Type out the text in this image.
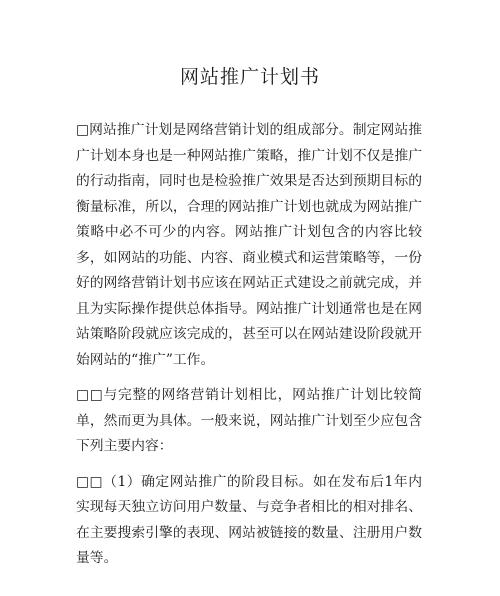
网站推广计划书

□网站推广计划是网络营销计划的组成部分。制定网站推广计划本身也是一种网站推广策略，推广计划不仅是推广的行动指南，同时也是检验推广效果是否达到预期目标的衡量标准，所以，合理的网站推广计划也就成为网站推广策略中必不可少的内容。网站推广计划包含的内容比较多，如网站的功能、内容、商业模式和运营策略等，一份好的网络营销计划书应该在网站正式建设之前就完成，并且为实际操作提供总体指导。网站推广计划通常也是在网站策略阶段就应该完成的，甚至可以在网站建设阶段就开始网站的“推广”工作。

□□与完整的网络营销计划相比，网站推广计划比较简单，然而更为具体。一般来说，网站推广计划至少应包含下列主要内容：

□□（1）确定网站推广的阶段目标。如在发布后1年内实现每天独立访问用户数量、与竞争者相比的相对排名、在主要搜索引擎的表现、网站被链接的数量、注册用户数量等。
